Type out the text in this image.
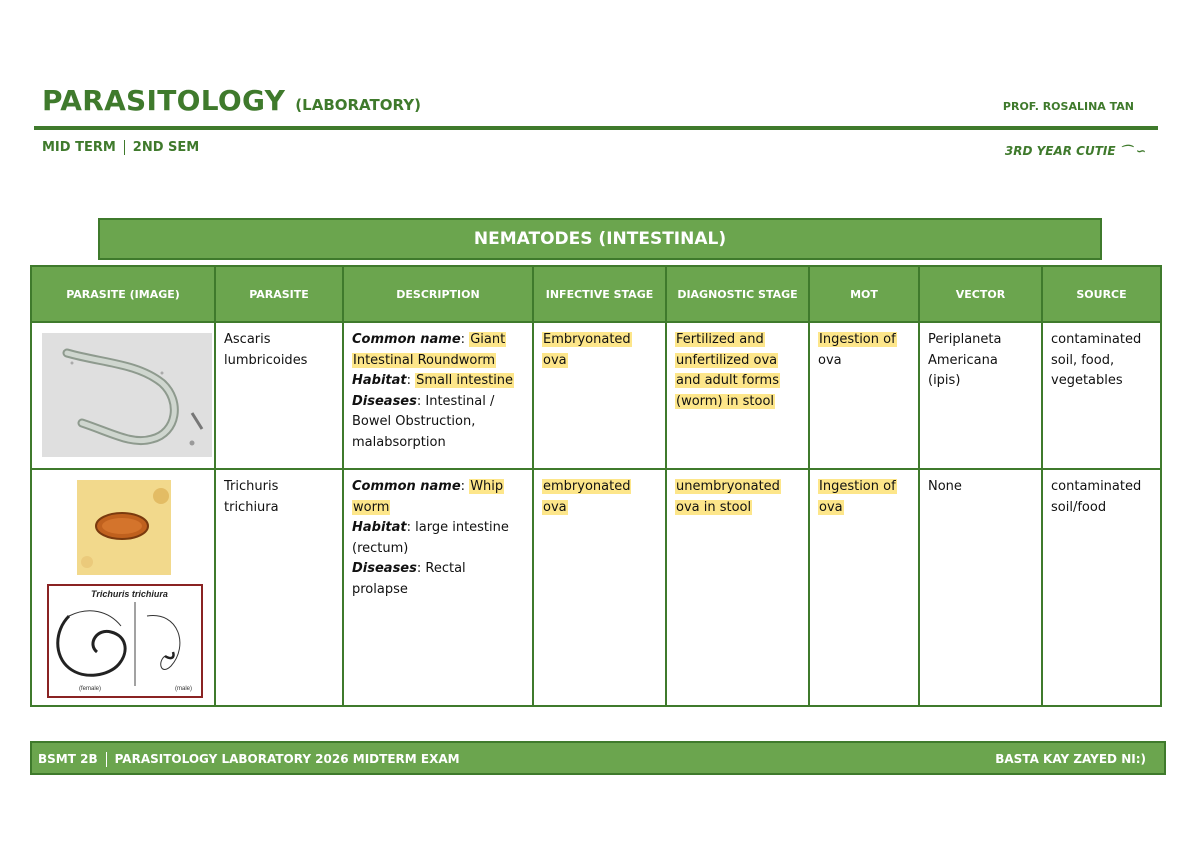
PARASITOLOGY (LABORATORY)	PROF. ROSALINA TAN
MID TERM 2ND SEM	3RD YEAR CUTIE ⌒ ∽
NEMATODES (INTESTINAL)
PARASITE (IMAGE)	PARASITE	DESCRIPTION	INFECTIVE STAGE	DIAGNOSTIC STAGE	MOT	VECTOR	SOURCE

	Ascaris lumbricoides	Common name: Giant Intestinal Roundworm
Habitat: Small intestine
Diseases: Intestinal / Bowel Obstruction, malabsorption	Embryonated ova	Fertilized and unfertilized ova and adult forms (worm) in stool	Ingestion of ova	Periplaneta Americana (ipis)	contaminated soil, food, vegetables

Trichuris trichiura
(female) (male)	Trichuris trichiura	Common name: Whip worm
Habitat: large intestine (rectum)
Diseases: Rectal prolapse	embryonated ova	unembryonated ova in stool	Ingestion of ova	None	contaminated soil/food
BSMT 2B PARASITOLOGY LABORATORY 2026 MIDTERM EXAM	BASTA KAY ZAYED NI:)
